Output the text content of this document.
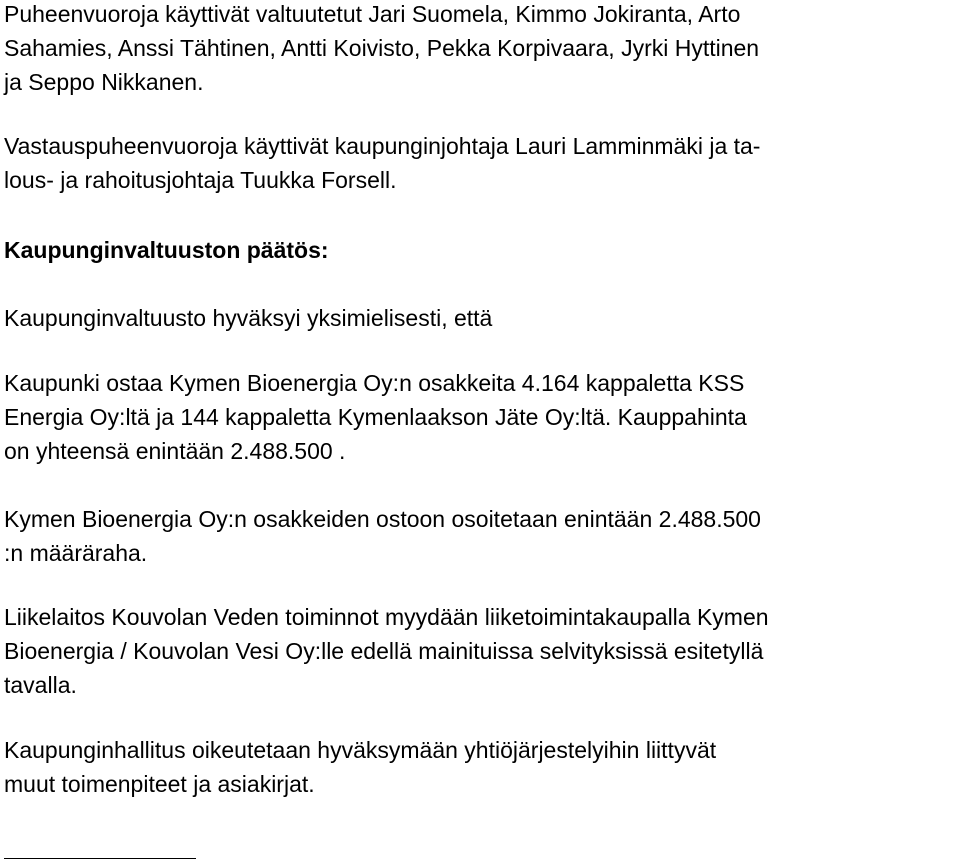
Puheenvuoroja käyttivät valtuutetut Jari Suomela, Kimmo Jokiranta, Arto
Sahamies, Anssi Tähtinen, Antti Koivisto, Pekka Korpivaara, Jyrki Hyttinen
ja Seppo Nikkanen.

Vastauspuheenvuoroja käyttivät kaupunginjohtaja Lauri Lamminmäki ja ta-
lous- ja rahoitusjohtaja Tuukka Forsell.

Kaupunginvaltuuston päätös:

Kaupunginvaltuusto hyväksyi yksimielisesti, että

Kaupunki ostaa Kymen Bioenergia Oy:n osakkeita 4.164 kappaletta KSS
Energia Oy:ltä ja 144 kappaletta Kymenlaakson Jäte Oy:ltä. Kauppahinta
on yhteensä enintään 2.488.500 .

Kymen Bioenergia Oy:n osakkeiden ostoon osoitetaan enintään 2.488.500
:n määräraha.

Liikelaitos Kouvolan Veden toiminnot myydään liiketoimintakaupalla Kymen
Bioenergia / Kouvolan Vesi Oy:lle edellä mainituissa selvityksissä esitetyllä
tavalla.

Kaupunginhallitus oikeutetaan hyväksymään yhtiöjärjestelyihin liittyvät
muut toimenpiteet ja asiakirjat.
